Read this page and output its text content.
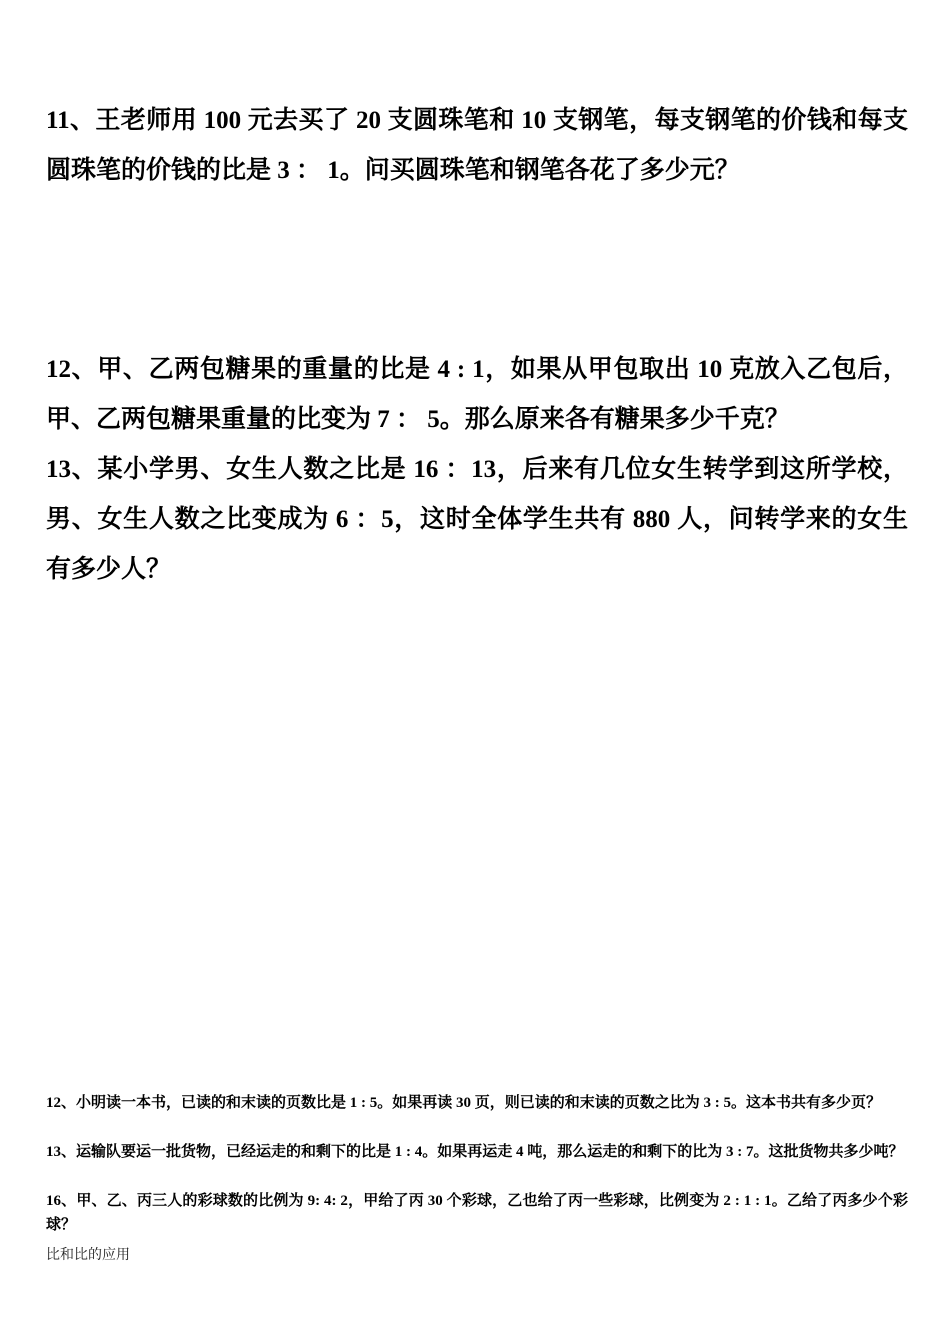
11、王老师用 100 元去买了 20 支圆珠笔和 10 支钢笔，每支钢笔的价钱和每支圆珠笔的价钱的比是 3 ： 1。问买圆珠笔和钢笔各花了多少元？

12、甲、乙两包糖果的重量的比是 4 : 1，如果从甲包取出 10 克放入乙包后，甲、乙两包糖果重量的比变为 7 ： 5。那么原来各有糖果多少千克？

13、某小学男、女生人数之比是 16 ：13，后来有几位女生转学到这所学校，男、女生人数之比变成为 6 ：5，这时全体学生共有 880 人，问转学来的女生有多少人？

12、小明读一本书，已读的和末读的页数比是 1 : 5。如果再读 30 页，则已读的和末读的页数之比为 3 : 5。这本书共有多少页？

13、运输队要运一批货物，已经运走的和剩下的比是 1 : 4。如果再运走 4 吨，那么运走的和剩下的比为 3 : 7。这批货物共多少吨？

16、甲、乙、丙三人的彩球数的比例为 9: 4: 2，甲给了丙 30 个彩球，乙也给了丙一些彩球，比例变为 2 : 1 : 1。乙给了丙多少个彩球？

比和比的应用
